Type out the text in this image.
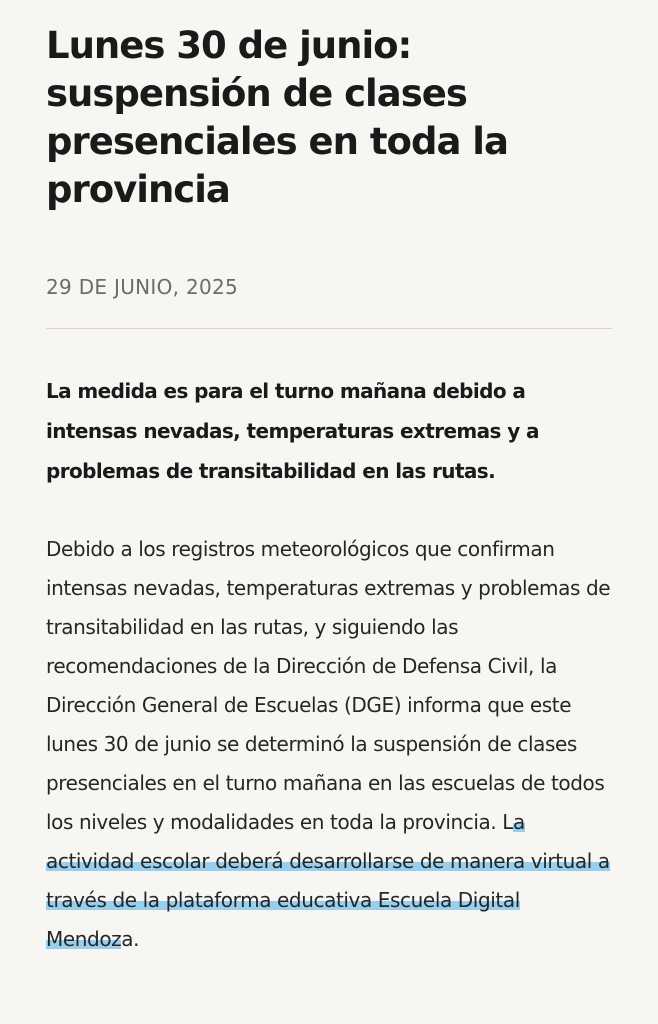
Lunes 30 de junio: suspensión de clases presenciales en toda la provincia
29 DE JUNIO, 2025

La medida es para el turno mañana debido a intensas nevadas, temperaturas extremas y a problemas de transitabilidad en las rutas.

Debido a los registros meteorológicos que confirman intensas nevadas, temperaturas extremas y problemas de transitabilidad en las rutas, y siguiendo las recomendaciones de la Dirección de Defensa Civil, la Dirección General de Escuelas (DGE) informa que este lunes 30 de junio se determinó la suspensión de clases presenciales en el turno mañana en las escuelas de todos los niveles y modalidades en toda la provincia. La actividad escolar deberá desarrollarse de manera virtual a través de la plataforma educativa Escuela Digital Mendoza.
